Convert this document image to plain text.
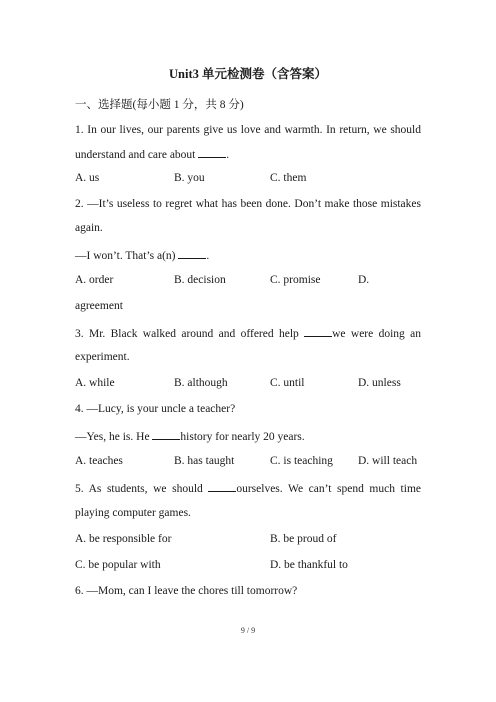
Unit3 单元检测卷（含答案）
一、选择题(每小题 1 分，共 8 分)
1. In our lives, our parents give us love and warmth. In return, we should
understand and care about .
A. us	B. you	C. them
2. —It’s useless to regret what has been done. Don’t make those mistakes
again.
—I won’t. That’s a(n) .
A. order	B. decision	C. promise	D.
agreement
3. Mr. Black walked around and offered help we were doing an
experiment.
A. while	B. although	C. until	D. unless
4. —Lucy, is your uncle a teacher?
—Yes, he is. He history for nearly 20 years.
A. teaches	B. has taught	C. is teaching D. will teach
5. As students, we should ourselves. We can’t spend much time
playing computer games.
A. be responsible for	B. be proud of
C. be popular with	D. be thankful to
6. —Mom, can I leave the chores till tomorrow?
9 / 9
